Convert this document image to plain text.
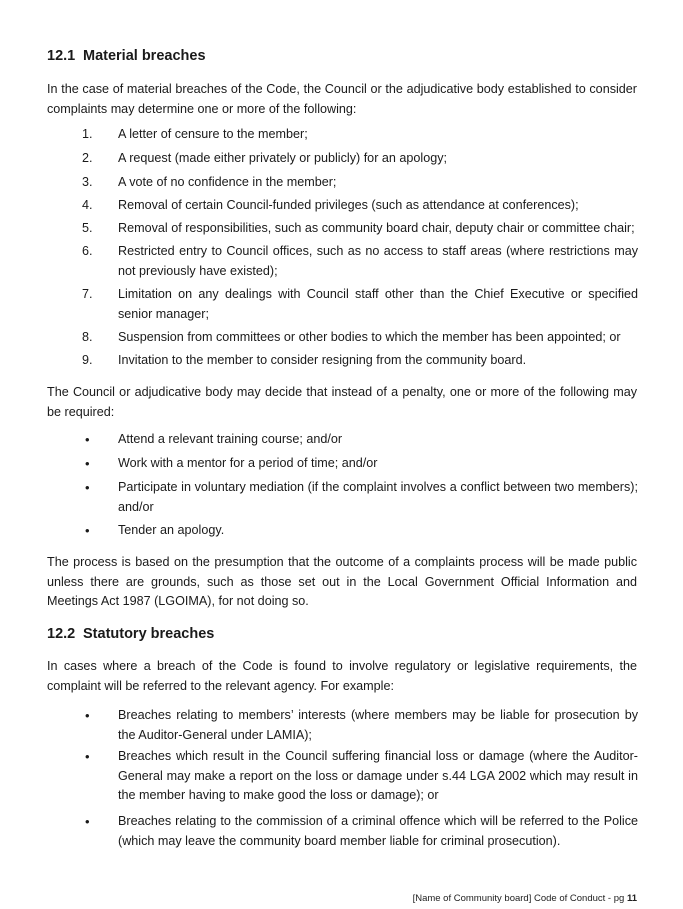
12.1 Material breaches

In the case of material breaches of the Code, the Council or the adjudicative body established to consider complaints may determine one or more of the following:

1.	A letter of censure to the member;
2.	A request (made either privately or publicly) for an apology;
3.	A vote of no confidence in the member;
4.	Removal of certain Council-funded privileges (such as attendance at conferences);
5.	Removal of responsibilities, such as community board chair, deputy chair or committee chair;
6.	Restricted entry to Council offices, such as no access to staff areas (where restrictions may not previously have existed);
7.	Limitation on any dealings with Council staff other than the Chief Executive or specified senior manager;
8.	Suspension from committees or other bodies to which the member has been appointed; or
9.	Invitation to the member to consider resigning from the community board.

The Council or adjudicative body may decide that instead of a penalty, one or more of the following may be required:

•	Attend a relevant training course; and/or
•	Work with a mentor for a period of time; and/or
•	Participate in voluntary mediation (if the complaint involves a conflict between two members); and/or
•	Tender an apology.

The process is based on the presumption that the outcome of a complaints process will be made public unless there are grounds, such as those set out in the Local Government Official Information and Meetings Act 1987 (LGOIMA), for not doing so.

12.2 Statutory breaches

In cases where a breach of the Code is found to involve regulatory or legislative requirements, the complaint will be referred to the relevant agency. For example:

•	Breaches relating to members’ interests (where members may be liable for prosecution by the Auditor-General under LAMIA);
•	Breaches which result in the Council suffering financial loss or damage (where the Auditor-General may make a report on the loss or damage under s.44 LGA 2002 which may result in the member having to make good the loss or damage); or
•	Breaches relating to the commission of a criminal offence which will be referred to the Police (which may leave the community board member liable for criminal prosecution).
[Name of Community board] Code of Conduct - pg 11
